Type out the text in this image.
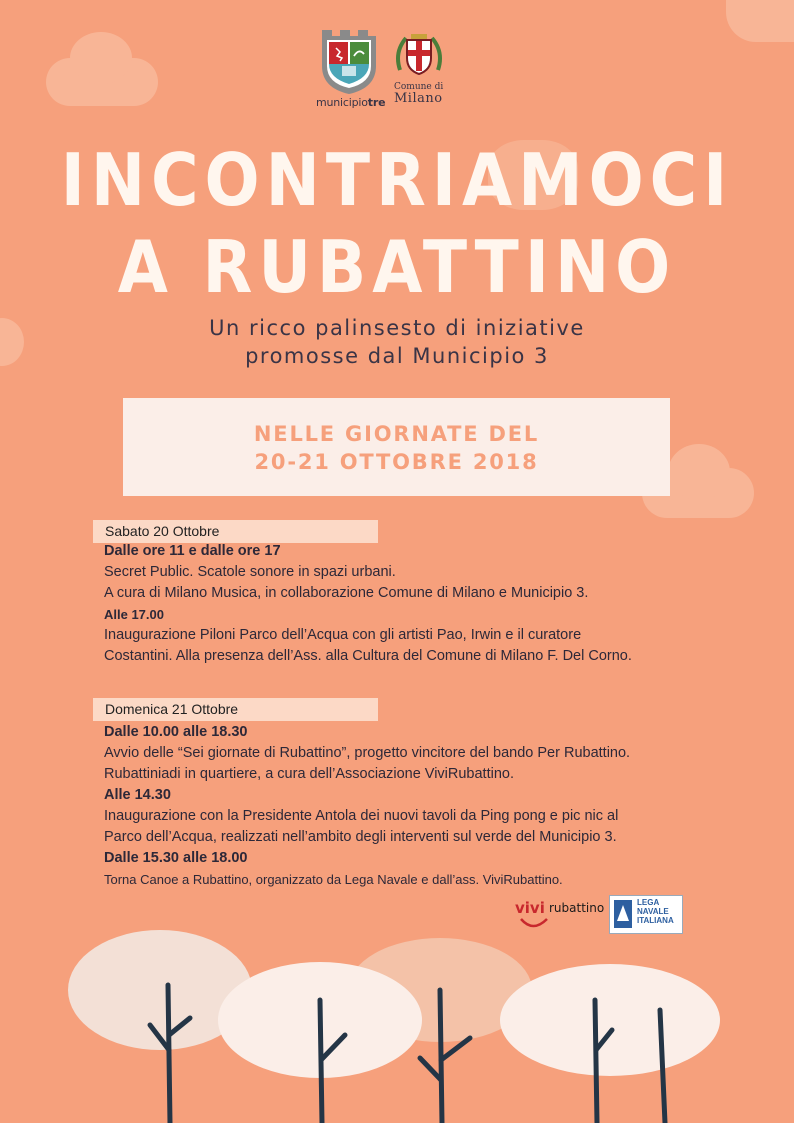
municipiotre
Comune di
Milano
INCONTRIAMOCI
A RUBATTINO
Un ricco palinsesto di iniziative
promosse dal Municipio 3
NELLE GIORNATE DEL
20-21 OTTOBRE 2018
Sabato 20 Ottobre
Dalle ore 11 e dalle ore 17
Secret Public. Scatole sonore in spazi urbani.
A cura di Milano Musica, in collaborazione Comune di Milano e Municipio 3.
Alle 17.00
Inaugurazione Piloni Parco dell’Acqua con gli artisti Pao, Irwin e il curatore
Costantini. Alla presenza dell’Ass. alla Cultura del Comune di Milano F. Del Corno.
Domenica 21 Ottobre
Dalle 10.00 alle 18.30
Avvio delle “Sei giornate di Rubattino”, progetto vincitore del bando Per Rubattino.
Rubattiniadi in quartiere, a cura dell’Associazione ViviRubattino.
Alle 14.30
Inaugurazione con la Presidente Antola dei nuovi tavoli da Ping pong e pic nic al
Parco dell’Acqua, realizzati nell’ambito degli interventi sul verde del Municipio 3.
Dalle 15.30 alle 18.00
Torna Canoe a Rubattino, organizzato da Lega Navale e dall’ass. ViviRubattino.
vivi rubattino	LEGA
NAVALE
ITALIANA
